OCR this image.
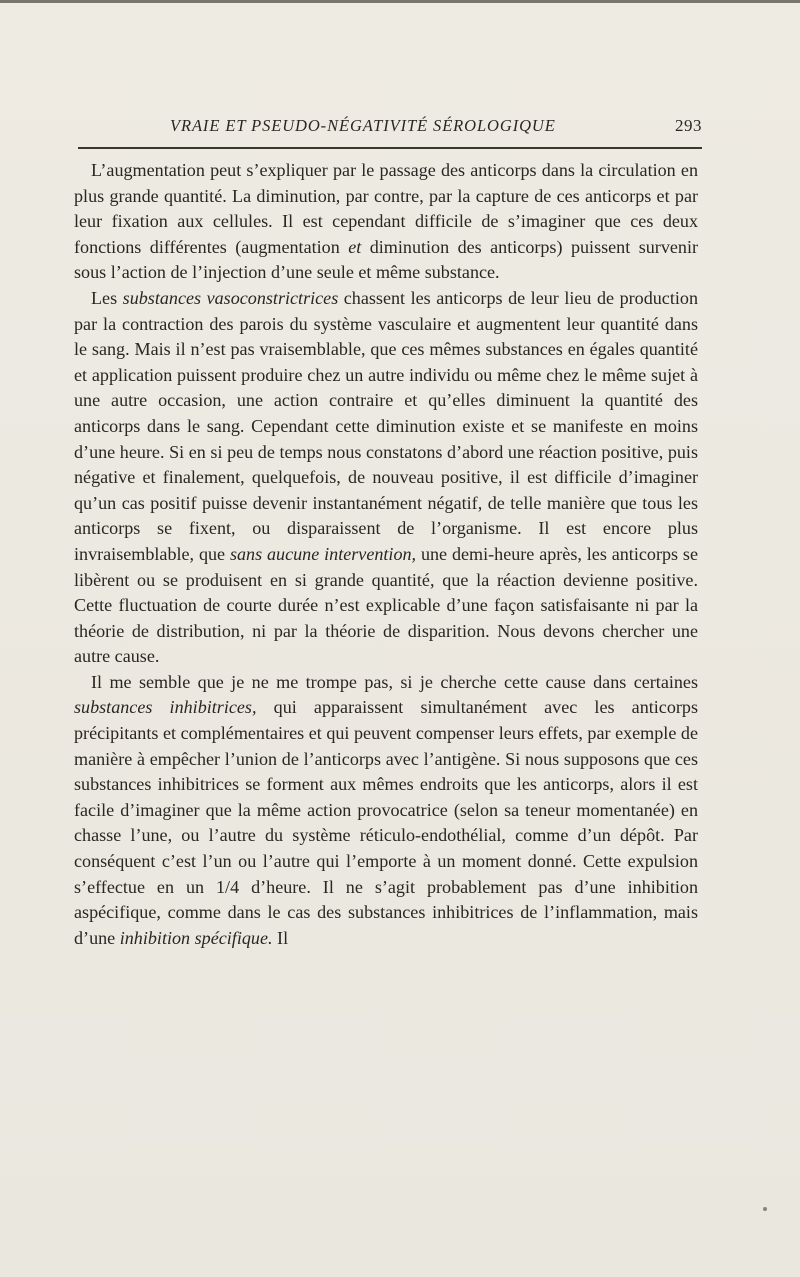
VRAIE ET PSEUDO-NÉGATIVITÉ SÉROLOGIQUE	293

L’augmentation peut s’expliquer par le passage des anticorps dans la circulation en plus grande quantité. La diminution, par contre, par la capture de ces anticorps et par leur fixation aux cellules. Il est cependant difficile de s’imaginer que ces deux fonctions différentes (augmentation et diminution des anticorps) puissent survenir sous l’action de l’injection d’une seule et même substance.

Les substances vasoconstrictrices chassent les anticorps de leur lieu de production par la contraction des parois du système vasculaire et augmentent leur quantité dans le sang. Mais il n’est pas vraisemblable, que ces mêmes substances en égales quantité et application puissent produire chez un autre individu ou même chez le même sujet à une autre occasion, une action contraire et qu’elles diminuent la quantité des anticorps dans le sang. Cependant cette diminution existe et se manifeste en moins d’une heure. Si en si peu de temps nous constatons d’abord une réaction positive, puis négative et finalement, quelquefois, de nouveau positive, il est difficile d’imaginer qu’un cas positif puisse devenir instantanément négatif, de telle manière que tous les anticorps se fixent, ou disparaissent de l’organisme. Il est encore plus invraisemblable, que sans aucune intervention, une demi-heure après, les anticorps se libèrent ou se produisent en si grande quantité, que la réaction devienne positive. Cette fluctuation de courte durée n’est explicable d’une façon satisfaisante ni par la théorie de distribution, ni par la théorie de disparition. Nous devons chercher une autre cause.

Il me semble que je ne me trompe pas, si je cherche cette cause dans certaines substances inhibitrices, qui apparaissent simultanément avec les anticorps précipitants et complémentaires et qui peuvent compenser leurs effets, par exemple de manière à empêcher l’union de l’anticorps avec l’antigène. Si nous supposons que ces substances inhibitrices se forment aux mêmes endroits que les anticorps, alors il est facile d’imaginer que la même action provocatrice (selon sa teneur momentanée) en chasse l’une, ou l’autre du système réticulo-endothélial, comme d’un dépôt. Par conséquent c’est l’un ou l’autre qui l’emporte à un moment donné. Cette expulsion s’effectue en un 1/4 d’heure. Il ne s’agit probablement pas d’une inhibition aspécifique, comme dans le cas des substances inhibitrices de l’inflammation, mais d’une inhibition spécifique. Il
